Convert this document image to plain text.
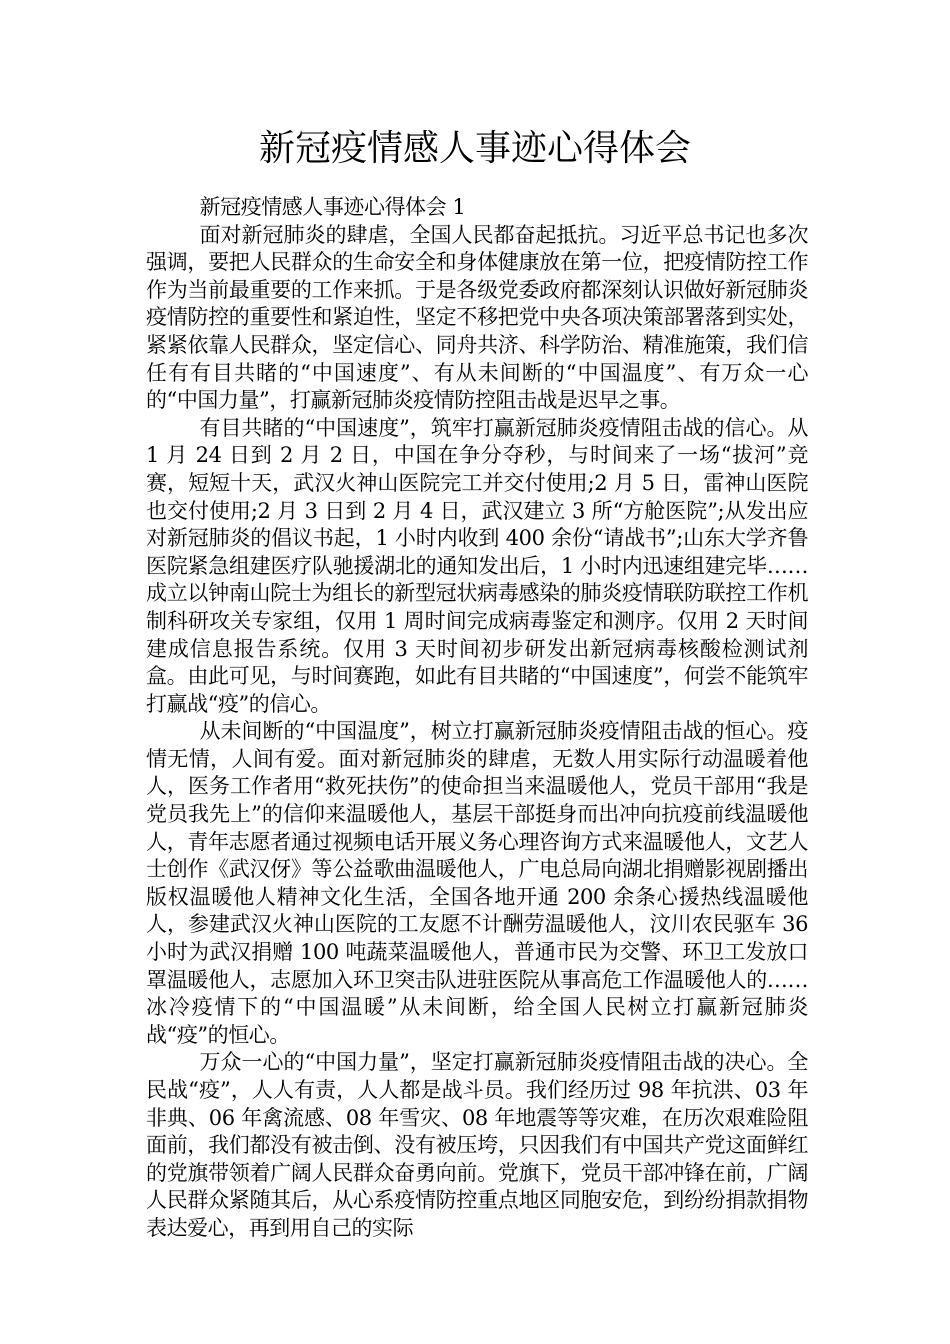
新冠疫情感人事迹心得体会

新冠疫情感人事迹心得体会 1

面对新冠肺炎的肆虐，全国人民都奋起抵抗。习近平总书记也多次强调，要把人民群众的生命安全和身体健康放在第一位，把疫情防控工作作为当前最重要的工作来抓。于是各级党委政府都深刻认识做好新冠肺炎疫情防控的重要性和紧迫性，坚定不移把党中央各项决策部署落到实处，紧紧依靠人民群众，坚定信心、同舟共济、科学防治、精准施策，我们信任有有目共睹的“中国速度”、有从未间断的“中国温度”、有万众一心的“中国力量”，打赢新冠肺炎疫情防控阻击战是迟早之事。

有目共睹的“中国速度”，筑牢打赢新冠肺炎疫情阻击战的信心。从 1 月 24 日到 2 月 2 日，中国在争分夺秒，与时间来了一场“拔河”竞赛，短短十天，武汉火神山医院完工并交付使用;2 月 5 日，雷神山医院也交付使用;2 月 3 日到 2 月 4 日，武汉建立 3 所“方舱医院”;从发出应对新冠肺炎的倡议书起，1 小时内收到 400 余份“请战书”;山东大学齐鲁医院紧急组建医疗队驰援湖北的通知发出后，1 小时内迅速组建完毕……成立以钟南山院士为组长的新型冠状病毒感染的肺炎疫情联防联控工作机制科研攻关专家组，仅用 1 周时间完成病毒鉴定和测序。仅用 2 天时间建成信息报告系统。仅用 3 天时间初步研发出新冠病毒核酸检测试剂盒。由此可见，与时间赛跑，如此有目共睹的“中国速度”，何尝不能筑牢打赢战“疫”的信心。

从未间断的“中国温度”，树立打赢新冠肺炎疫情阻击战的恒心。疫情无情，人间有爱。面对新冠肺炎的肆虐，无数人用实际行动温暖着他人，医务工作者用“救死扶伤”的使命担当来温暖他人，党员干部用“我是党员我先上”的信仰来温暖他人，基层干部挺身而出冲向抗疫前线温暖他人，青年志愿者通过视频电话开展义务心理咨询方式来温暖他人，文艺人士创作《武汉伢》等公益歌曲温暖他人，广电总局向湖北捐赠影视剧播出版权温暖他人精神文化生活，全国各地开通 200 余条心援热线温暖他人，参建武汉火神山医院的工友愿不计酬劳温暖他人，汶川农民驱车 36 小时为武汉捐赠 100 吨蔬菜温暖他人，普通市民为交警、环卫工发放口罩温暖他人，志愿加入环卫突击队进驻医院从事高危工作温暖他人的……冰冷疫情下的“中国温暖”从未间断，给全国人民树立打赢新冠肺炎战“疫”的恒心。

万众一心的“中国力量”，坚定打赢新冠肺炎疫情阻击战的决心。全民战“疫”，人人有责，人人都是战斗员。我们经历过 98 年抗洪、03 年非典、06 年禽流感、08 年雪灾、08 年地震等等灾难，在历次艰难险阻面前，我们都没有被击倒、没有被压垮，只因我们有中国共产党这面鲜红的党旗带领着广阔人民群众奋勇向前。党旗下，党员干部冲锋在前，广阔人民群众紧随其后，从心系疫情防控重点地区同胞安危，到纷纷捐款捐物表达爱心，再到用自己的实际
